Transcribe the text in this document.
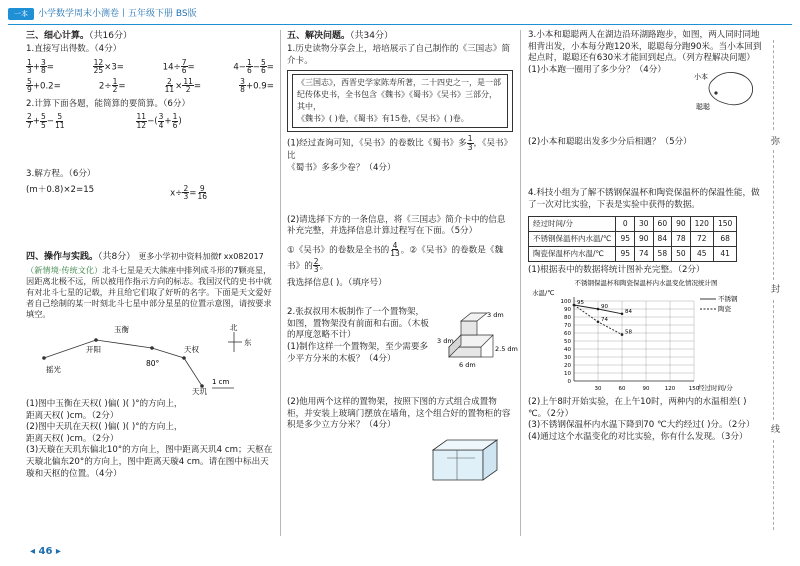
一本	小学数学周末小测卷丨五年级下册 BS版
三、细心计算。（共16分）
1.直接写出得数。（4分）
$\frac{1}{3} + \frac{3}{8}$ =	$\frac{12}{25} \times 3=$	$14\div \frac{7}{6}$ =	$4- \frac{1}{6} - \frac{5}{6}$ =
$\frac{5}{9} +0.2=$	$2\div \frac{1}{2}$ =	$\frac{2}{11} \times \frac{11}{2}$ =	$\frac{3}{8} +0.9=$
2.计算下面各题，能简算的要简算。（6分）
$\frac{2}{7} + \frac{5}{5} - \frac{5}{11}$	$\frac{11}{12}$ −( $\frac{3}{4} + \frac{1}{6}$ )
3.解方程。（6分）
(m＋0.8)×2=15	$x\div \frac{2}{3} = \frac{9}{16}$
四、操作与实践。（共8分） 更多小学初中资料加微f xx082017
（新情境·传统文化）北斗七星是天大熊座中排列成斗形的7颗亮星，因距离北极不远，所以被用作指示方向的标志。我国汉代的史书中就有对北斗七星的记载，并且给它们取了好听的名字。下面是天文爱好者自己绘制的某一时刻北斗七星中部分星星的位置示意图，请按要求填空。
玉衡
开阳
摇光
天权
80°
天玑
北
东
1 cm
(1)图中玉衡在天权( )偏( )( )°的方向上，
距离天权( )cm。（2分）
(2)图中天玑在天权( )偏( )( )°的方向上，
距离天权( )cm。（2分）
(3)天璇在天玑东偏北10°的方向上，图中距离天玑4 cm；天枢在天璇北偏东20°的方向上，图中距离天璇4 cm。请在图中标出天璇和天枢的位置。（4分）
五、解决问题。（共34分）
1.历史读物分享会上，培培展示了自己制作的《三国志》简介卡。
《三国志》，西晋史学家陈寿所著，二十四史之一，是一部纪传体史书，全书包含《魏书》《蜀书》《吴书》三部分，其中，
《魏书》( )卷，《蜀书》有15卷，《吴书》( )卷。
(1)经过查询可知，《吴书》的卷数比《蜀书》多 $\frac{1}{3}$ ，《吴书》比
《蜀书》多多少卷？（4分）
(2)请选择下方的一条信息，将《三国志》简介卡中的信息补充完整，并选择信息计算过程写在下面。（5分）
①《吴书》的卷数是全书的 $\frac{4}{13}$ 。②《吴书》的卷数是《魏书》的 $\frac{2}{3}$ 。
我选择信息( )。（填序号）
2.张叔叔用木板制作了一个置物架，如图，置物架没有前面和右面。（木板的厚度忽略不计）
(1)制作这样一个置物架，至少需要多少平方分米的木板？（4分）
3 dm
3 dm
2.5 dm
6 dm
(2)他用两个这样的置物架，按照下图的方式组合成置物柜，并安装上玻璃门摆放在墙角，这个组合好的置物柜的容积是多少立方分米？（4分）
3.小本和聪聪两人在湖边沿环湖路跑步，如图，两人同时同地相背出发，小本每分跑120米，聪聪每分跑90米。当小本回到起点时，聪聪还有630米才能回到起点。（列方程解决问题）
(1)小本跑一圈用了多少分？（4分）
小本
聪聪
(2)小本和聪聪出发多少分后相遇？（5分）
4.科技小组为了解不锈钢保温杯和陶瓷保温杯的保温性能，做了一次对比实验，下表是实验中获得的数据。
经过时间/分	0	30	60	90	120	150
不锈钢保温杯内水温/℃	95	90	84	78	72	68
陶瓷保温杯内水温/℃	95	74	58	50	45	41
(1)根据表中的数据将统计图补充完整。（2分）
不锈钢保温杯和陶瓷保温杯内水温变化情况统计图
水温/℃
经过时间/分
0
10
20
30
40
50
60
70
80
90
100
30	60	90	120 150
不锈钢
陶瓷
95
90
84
74
58
(2)上午8时开始实验，在上午10时，两种内的水温相差( )℃。（2分）
(3)不锈钢保温杯内水温下降到70 ℃大约经过( )分。（2分）
(4)通过这个水温变化的对比实验，你有什么发现。（3分）
弥
封
线
◂ 46 ▸
